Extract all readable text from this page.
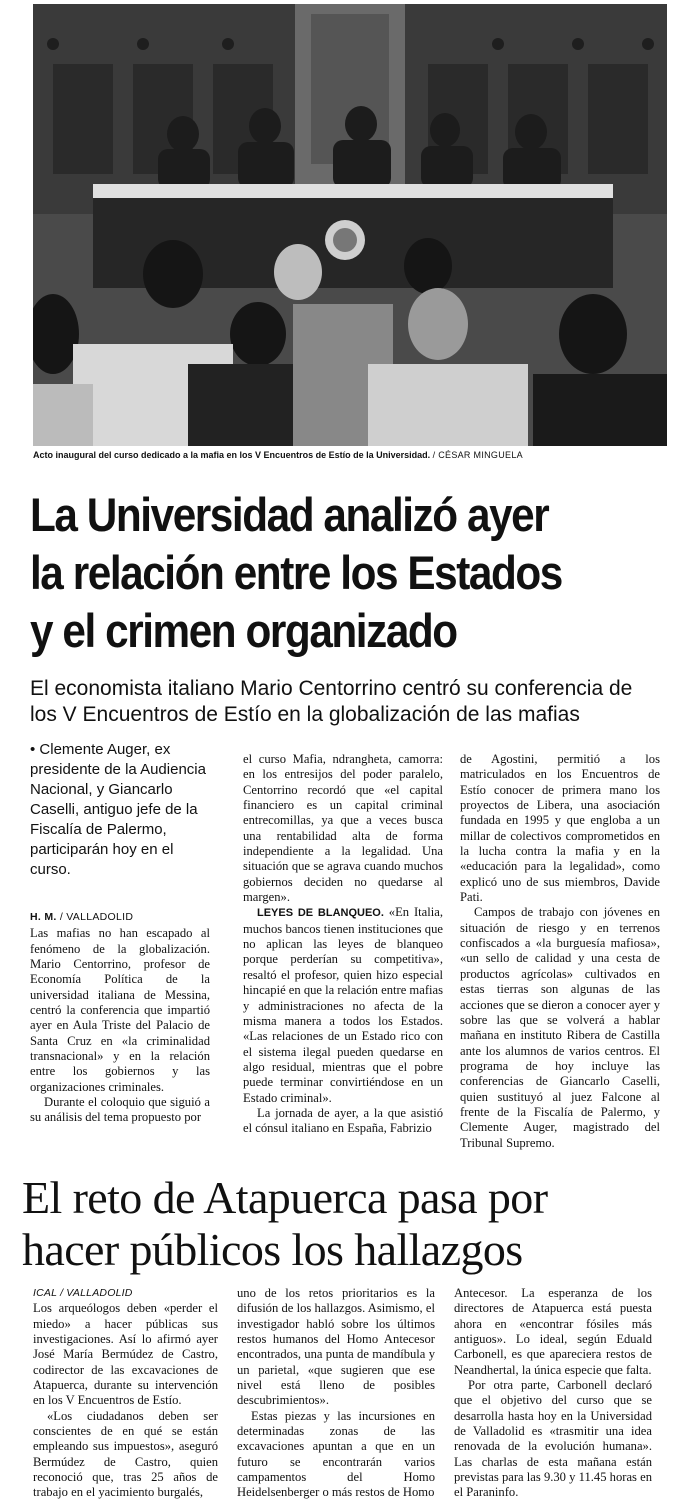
Acto inaugural del curso dedicado a la mafia en los V Encuentros de Estío de la Universidad. / CÉSAR MINGUELA
La Universidad analizó ayer
la relación entre los Estados
y el crimen organizado
El economista italiano Mario Centorrino centró su conferencia de
los V Encuentros de Estío en la globalización de las mafias
• Clemente Auger, ex presidente de la Audiencia Nacional, y Giancarlo Caselli, antiguo jefe de la Fiscalía de Palermo, participarán hoy en el curso.
H. M. / VALLADOLID

Las mafias no han escapado al fenómeno de la globalización. Mario Centorrino, profesor de Economía Política de la universidad italiana de Messina, centró la conferencia que impartió ayer en Aula Triste del Palacio de Santa Cruz en «la criminalidad transnacional» y en la relación entre los gobiernos y las organizaciones criminales.

Durante el coloquio que siguió a su análisis del tema propuesto por

el curso Mafia, ndrangheta, camorra: en los entresijos del poder paralelo, Centorrino recordó que «el capital financiero es un capital criminal entrecomillas, ya que a veces busca una rentabilidad alta de forma independiente a la legalidad. Una situación que se agrava cuando muchos gobiernos deciden no quedarse al margen».

LEYES DE BLANQUEO. «En Italia, muchos bancos tienen instituciones que no aplican las leyes de blanqueo porque perderían su competitiva», resaltó el profesor, quien hizo especial hincapié en que la relación entre mafias y administraciones no afecta de la misma manera a todos los Estados. «Las relaciones de un Estado rico con el sistema ilegal pueden quedarse en algo residual, mientras que el pobre puede terminar convirtiéndose en un Estado criminal».

La jornada de ayer, a la que asistió el cónsul italiano en España, Fabrizio

de Agostini, permitió a los matriculados en los Encuentros de Estío conocer de primera mano los proyectos de Libera, una asociación fundada en 1995 y que engloba a un millar de colectivos comprometidos en la lucha contra la mafia y en la «educación para la legalidad», como explicó uno de sus miembros, Davide Pati.

Campos de trabajo con jóvenes en situación de riesgo y en terrenos confiscados a «la burguesía mafiosa», «un sello de calidad y una cesta de productos agrícolas» cultivados en estas tierras son algunas de las acciones que se dieron a conocer ayer y sobre las que se volverá a hablar mañana en instituto Ribera de Castilla ante los alumnos de varios centros. El programa de hoy incluye las conferencias de Giancarlo Caselli, quien sustituyó al juez Falcone al frente de la Fiscalía de Palermo, y Clemente Auger, magistrado del Tribunal Supremo.

El reto de Atapuerca pasa por
hacer públicos los hallazgos
ICAL / VALLADOLID

Los arqueólogos deben «perder el miedo» a hacer públicas sus investigaciones. Así lo afirmó ayer José María Bermúdez de Castro, codirector de las excavaciones de Atapuerca, durante su intervención en los V Encuentros de Estío.

«Los ciudadanos deben ser conscientes de en qué se están empleando sus impuestos», aseguró Bermúdez de Castro, quien reconoció que, tras 25 años de trabajo en el yacimiento burgalés,

uno de los retos prioritarios es la difusión de los hallazgos. Asimismo, el investigador habló sobre los últimos restos humanos del Homo Antecesor encontrados, una punta de mandíbula y un parietal, «que sugieren que ese nivel está lleno de posibles descubrimientos».

Estas piezas y las incursiones en determinadas zonas de las excavaciones apuntan a que en un futuro se encontrarán varios campamentos del Homo Heidelsenberger o más restos de Homo

Antecesor. La esperanza de los directores de Atapuerca está puesta ahora en «encontrar fósiles más antiguos». Lo ideal, según Eduald Carbonell, es que apareciera restos de Neandhertal, la única especie que falta.

Por otra parte, Carbonell declaró que el objetivo del curso que se desarrolla hasta hoy en la Universidad de Valladolid es «trasmitir una idea renovada de la evolución humana». Las charlas de esta mañana están previstas para las 9.30 y 11.45 horas en el Paraninfo.
